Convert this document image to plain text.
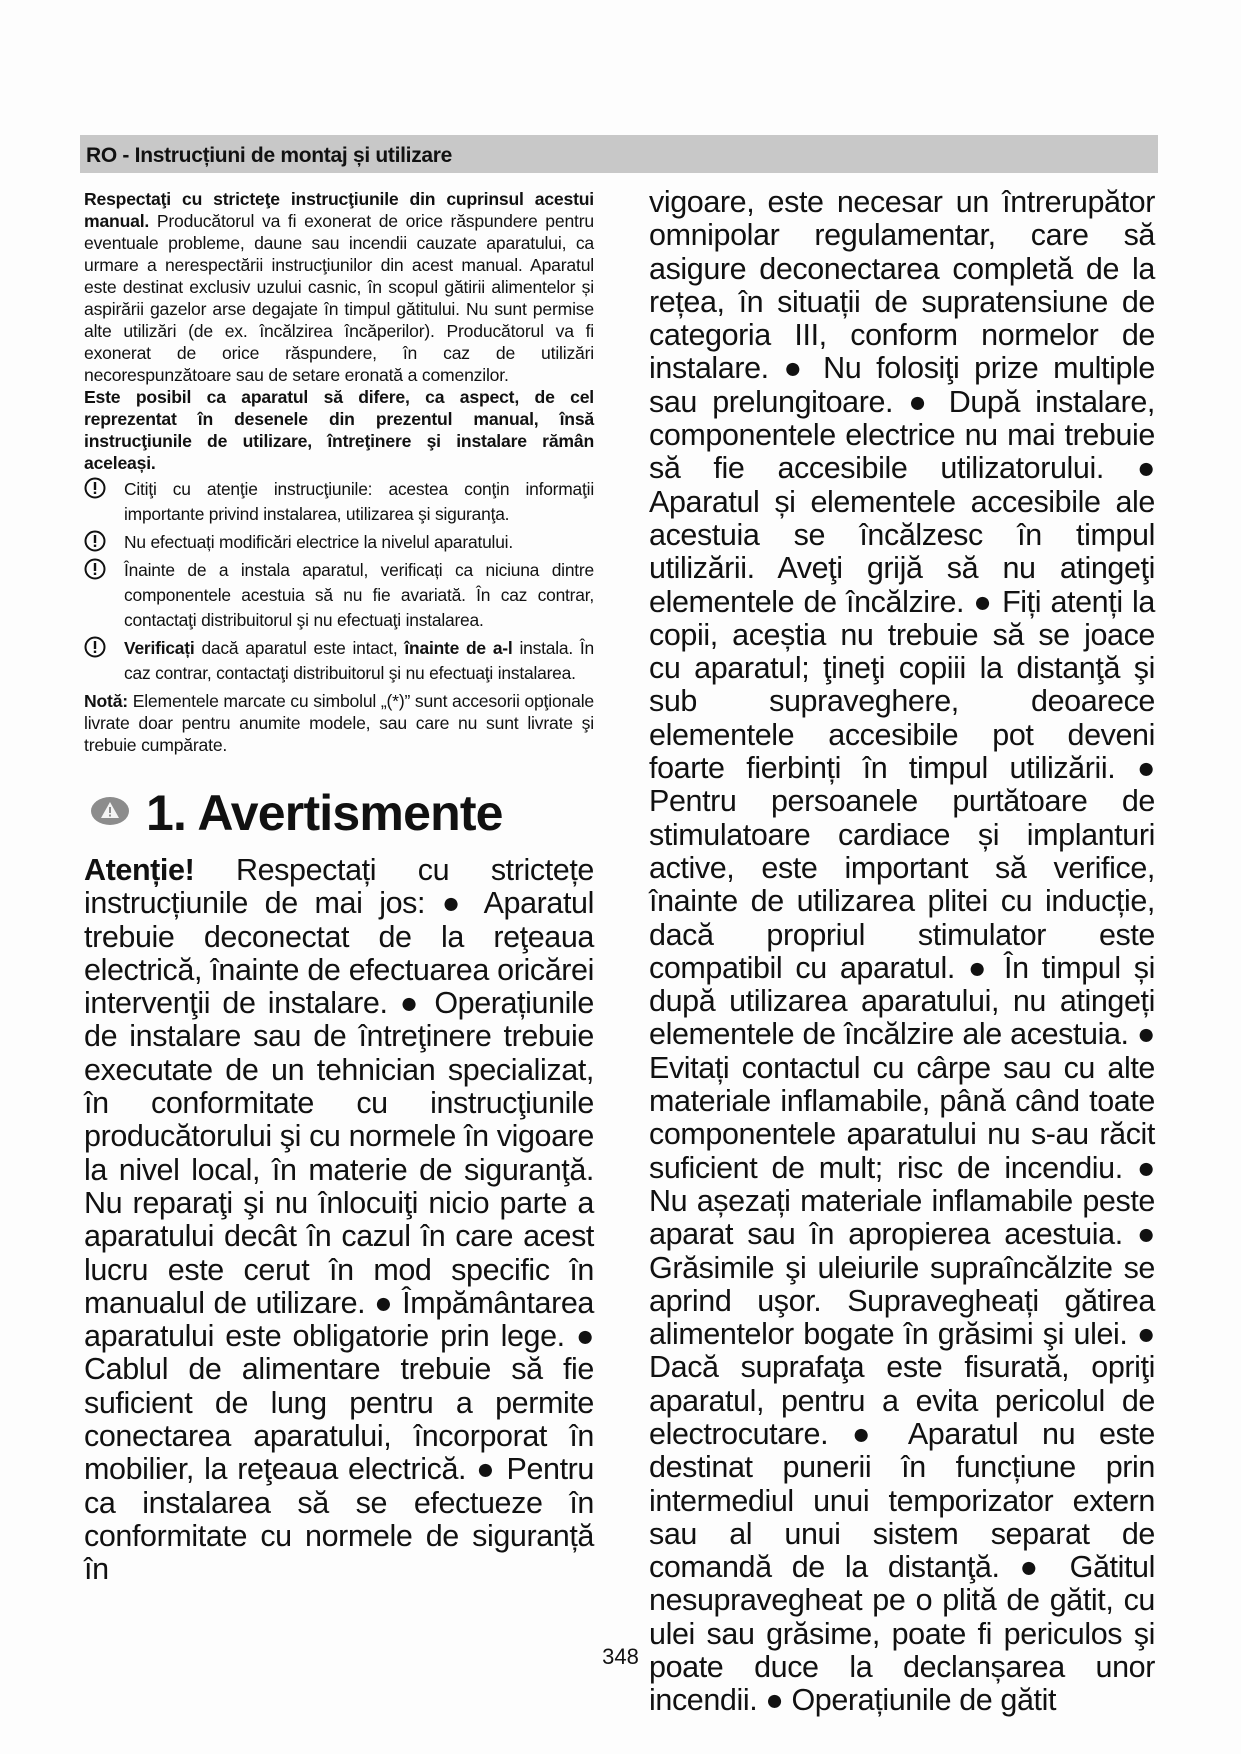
RO - Instrucțiuni de montaj și utilizare

Respectaţi cu stricteţe instrucţiunile din cuprinsul acestui manual. Producătorul va fi exonerat de orice răspundere pentru eventuale probleme, daune sau incendii cauzate aparatului, ca urmare a nerespectării instrucţiunilor din acest manual. Aparatul este destinat exclusiv uzului casnic, în scopul gătirii alimentelor și aspirării gazelor arse degajate în timpul gătitului. Nu sunt permise alte utilizări (de ex. încălzirea încăperilor). Producătorul va fi exonerat de orice răspundere, în caz de utilizări necorespunzătoare sau de setare eronată a comenzilor.

Este posibil ca aparatul să difere, ca aspect, de cel reprezentat în desenele din prezentul manual, însă instrucţiunile de utilizare, întreţinere şi instalare rămân aceleași.

Citiţi cu atenţie instrucţiunile: acestea conţin informaţii importante privind instalarea, utilizarea şi siguranţa.
Nu efectuați modificări electrice la nivelul aparatului.
Înainte de a instala aparatul, verificați ca niciuna dintre componentele acestuia să nu fie avariată. În caz contrar, contactaţi distribuitorul şi nu efectuaţi instalarea.
Verificați dacă aparatul este intact, înainte de a-l instala. În caz contrar, contactaţi distribuitorul şi nu efectuaţi instalarea.

Notă: Elementele marcate cu simbolul „(*)” sunt accesorii opţionale livrate doar pentru anumite modele, sau care nu sunt livrate şi trebuie cumpărate.

1. Avertismente

Atenție! Respectați cu strictețe instrucțiunile de mai jos: ● Aparatul trebuie deconectat de la reţeaua electrică, înainte de efectuarea oricărei intervenţii de instalare. ● Operațiunile de instalare sau de întreţinere trebuie executate de un tehnician specializat, în conformitate cu instrucţiunile producătorului şi cu normele în vigoare la nivel local, în materie de siguranţă. Nu reparaţi şi nu înlocuiţi nicio parte a aparatului decât în cazul în care acest lucru este cerut în mod specific în manualul de utilizare. ● Împământarea aparatului este obligatorie prin lege. ● Cablul de alimentare trebuie să fie suficient de lung pentru a permite conectarea aparatului, încorporat în mobilier, la reţeaua electrică. ● Pentru ca instalarea să se efectueze în conformitate cu normele de siguranță în

vigoare, este necesar un întrerupător omnipolar regulamentar, care să asigure deconectarea completă de la rețea, în situații de supratensiune de categoria III, conform normelor de instalare. ● Nu folosiţi prize multiple sau prelungitoare. ● După instalare, componentele electrice nu mai trebuie să fie accesibile utilizatorului. ● Aparatul și elementele accesibile ale acestuia se încălzesc în timpul utilizării. Aveţi grijă să nu atingeţi elementele de încălzire. ● Fiți atenți la copii, aceștia nu trebuie să se joace cu aparatul; ţineţi copiii la distanţă şi sub supraveghere, deoarece elementele accesibile pot deveni foarte fierbinți în timpul utilizării. ● Pentru persoanele purtătoare de stimulatoare cardiace și implanturi active, este important să verifice, înainte de utilizarea plitei cu inducție, dacă propriul stimulator este compatibil cu aparatul. ● În timpul și după utilizarea aparatului, nu atingeți elementele de încălzire ale acestuia. ● Evitați contactul cu cârpe sau cu alte materiale inflamabile, până când toate componentele aparatului nu s-au răcit suficient de mult; risc de incendiu. ● Nu așezați materiale inflamabile peste aparat sau în apropierea acestuia. ● Grăsimile şi uleiurile supraîncălzite se aprind uşor. Supravegheați gătirea alimentelor bogate în grăsimi şi ulei. ● Dacă suprafaţa este fisurată, opriţi aparatul, pentru a evita pericolul de electrocutare. ● Aparatul nu este destinat punerii în funcțiune prin intermediul unui temporizator extern sau al unui sistem separat de comandă de la distanţă. ● Gătitul nesupravegheat pe o plită de gătit, cu ulei sau grăsime, poate fi periculos şi poate duce la declanșarea unor incendii. ● Operațiunile de gătit

348
